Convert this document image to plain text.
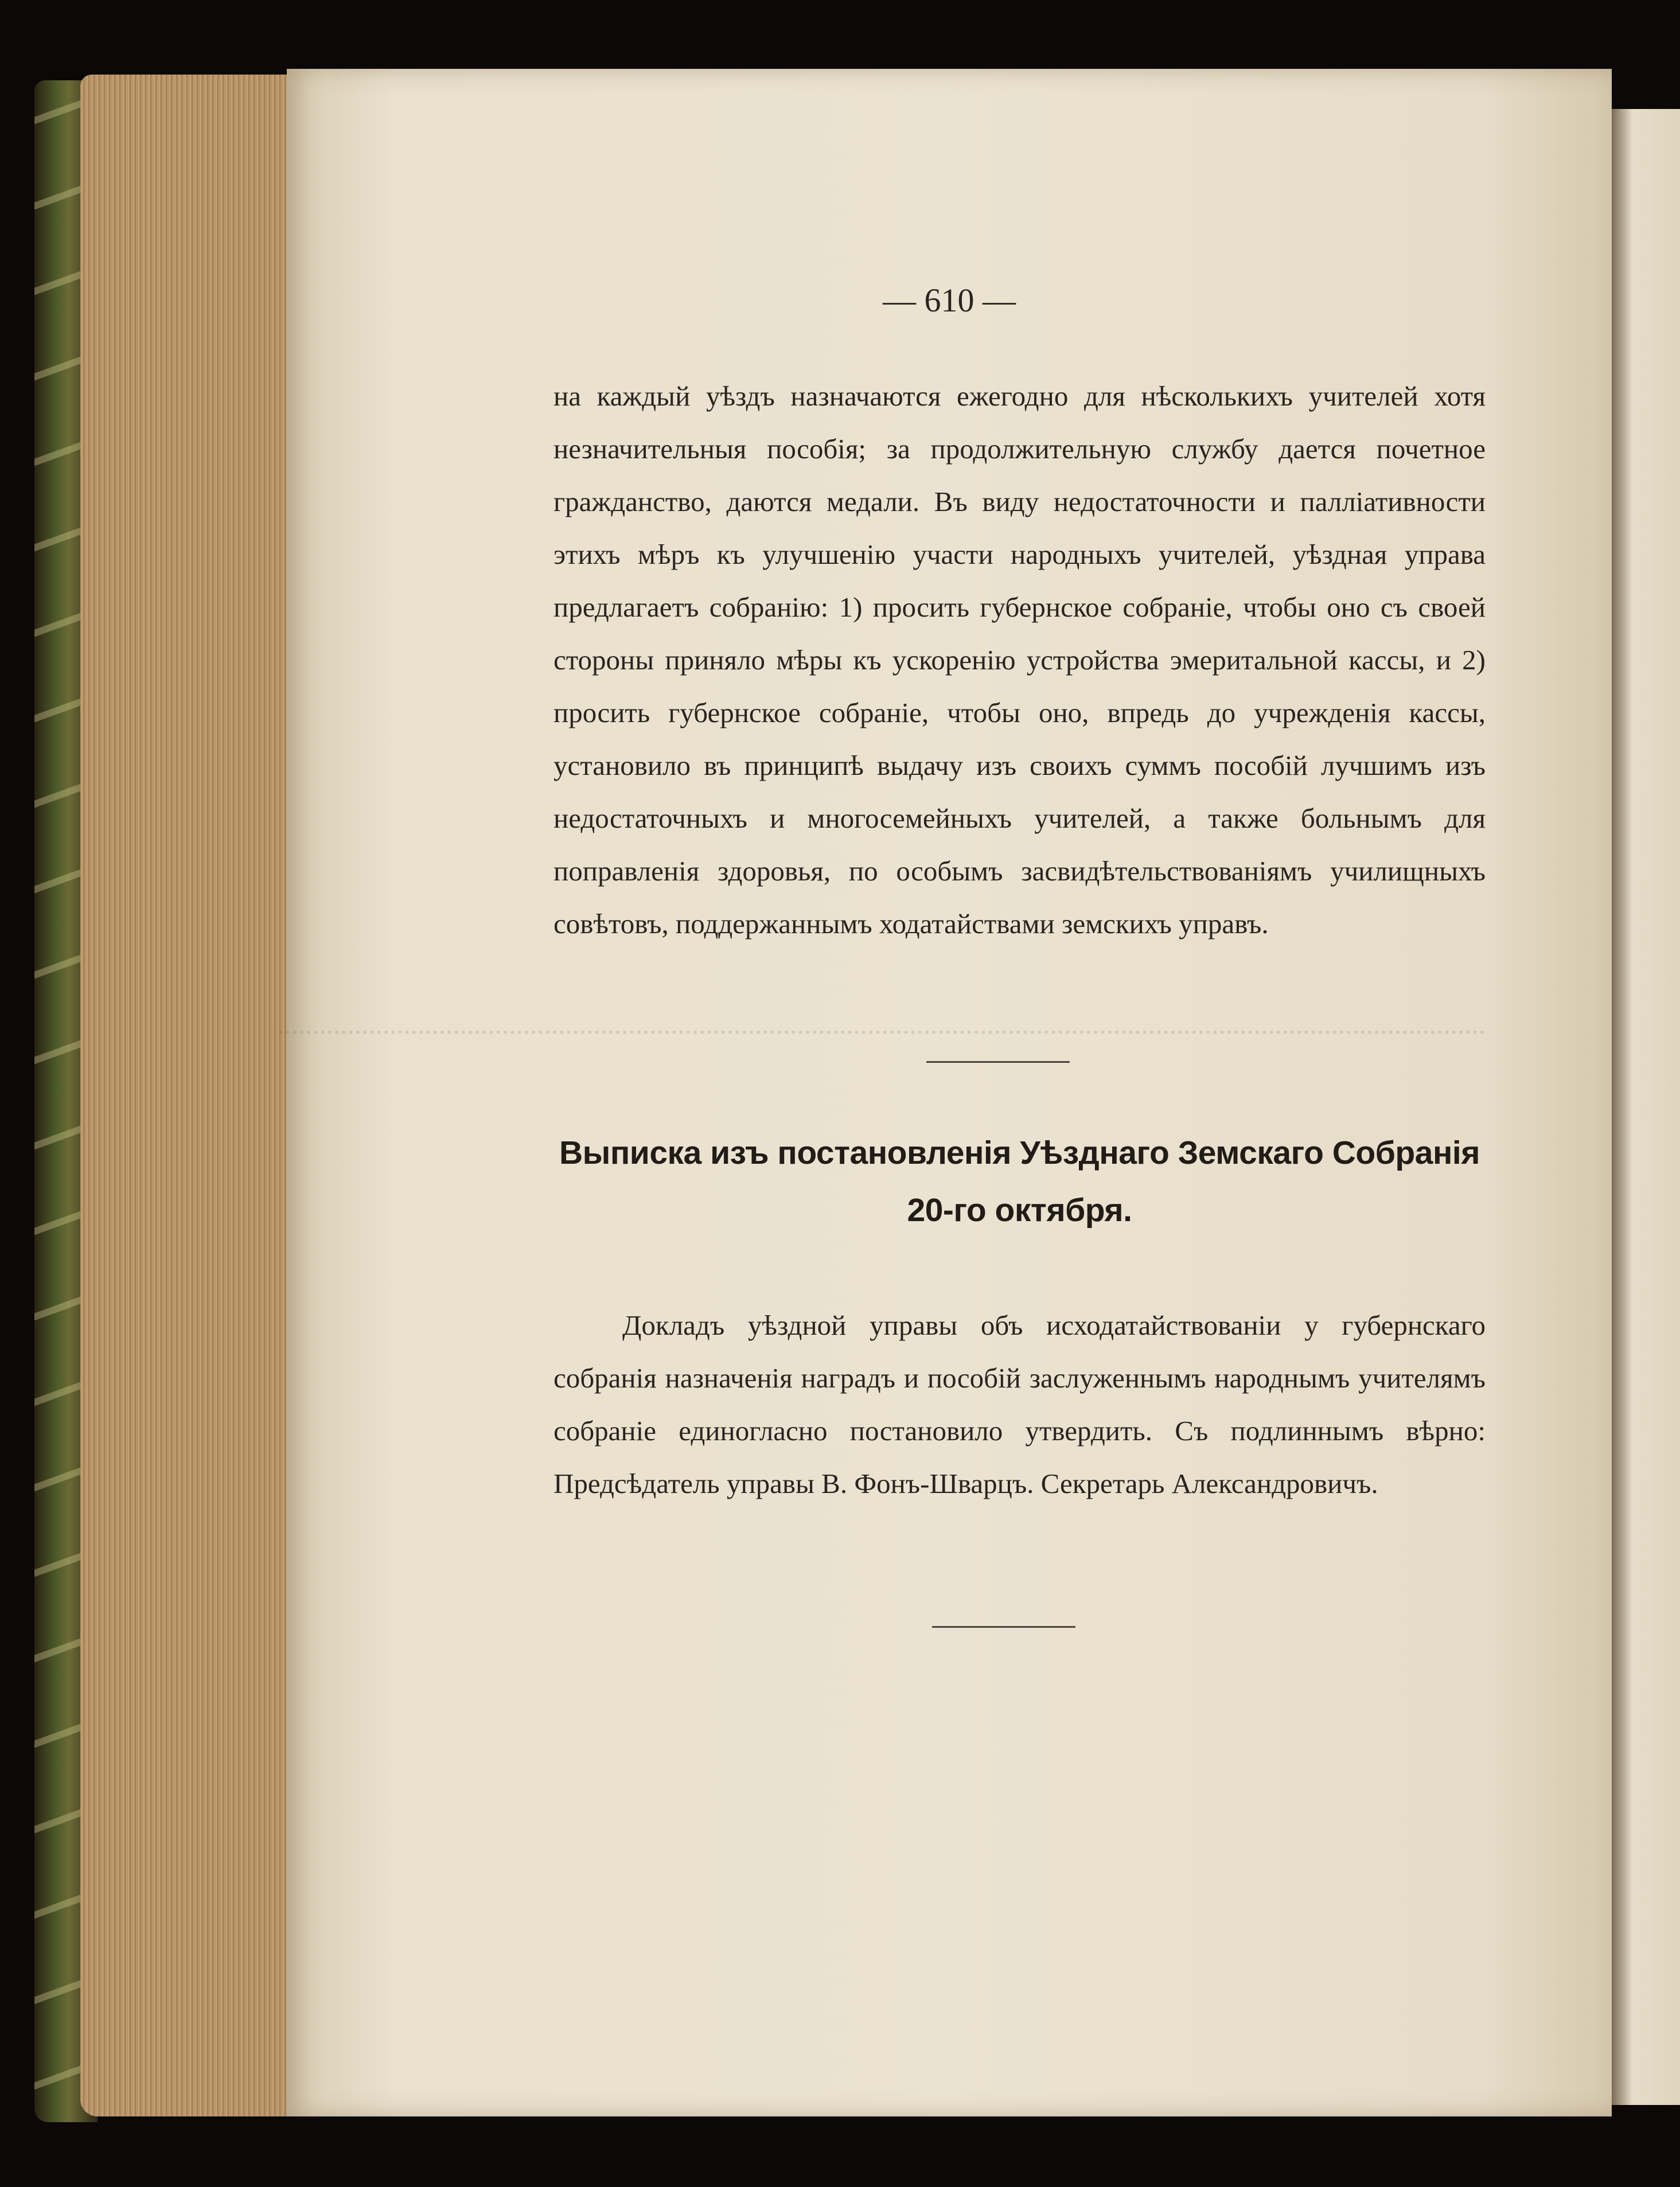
............................................................................................................................................................................
— 610 —
на каждый уѣздъ назначаются ежегодно для нѣсколькихъ учителей хотя незначительныя пособія; за продолжительную службу дается почетное гражданство, даются медали. Въ виду недостаточности и палліативности этихъ мѣръ къ улучшенію участи народныхъ учителей, уѣздная управа предлагаетъ собранію: 1) просить губернское собраніе, чтобы оно съ своей стороны приняло мѣры къ ускоренію устройства эмеритальной кассы, и 2) просить губернское собраніе, чтобы оно, впредь до учрежденія кассы, установило въ принципѣ выдачу изъ своихъ суммъ пособій лучшимъ изъ недостаточныхъ и многосемейныхъ учителей, а также больнымъ для поправленія здоровья, по особымъ засвидѣтельствованіямъ училищныхъ совѣтовъ, поддержаннымъ ходатайствами земскихъ управъ.
Выписка изъ постановленія Уѣзднаго Земскаго Собранія
20-го октября.
Докладъ уѣздной управы объ исходатайствованіи у губернскаго собранія назначенія наградъ и пособій заслуженнымъ народнымъ учителямъ собраніе единогласно постановило утвердить. Съ подлиннымъ вѣрно: Предсѣдатель управы В. Фонъ-Шварцъ. Секретарь Александровичъ.
